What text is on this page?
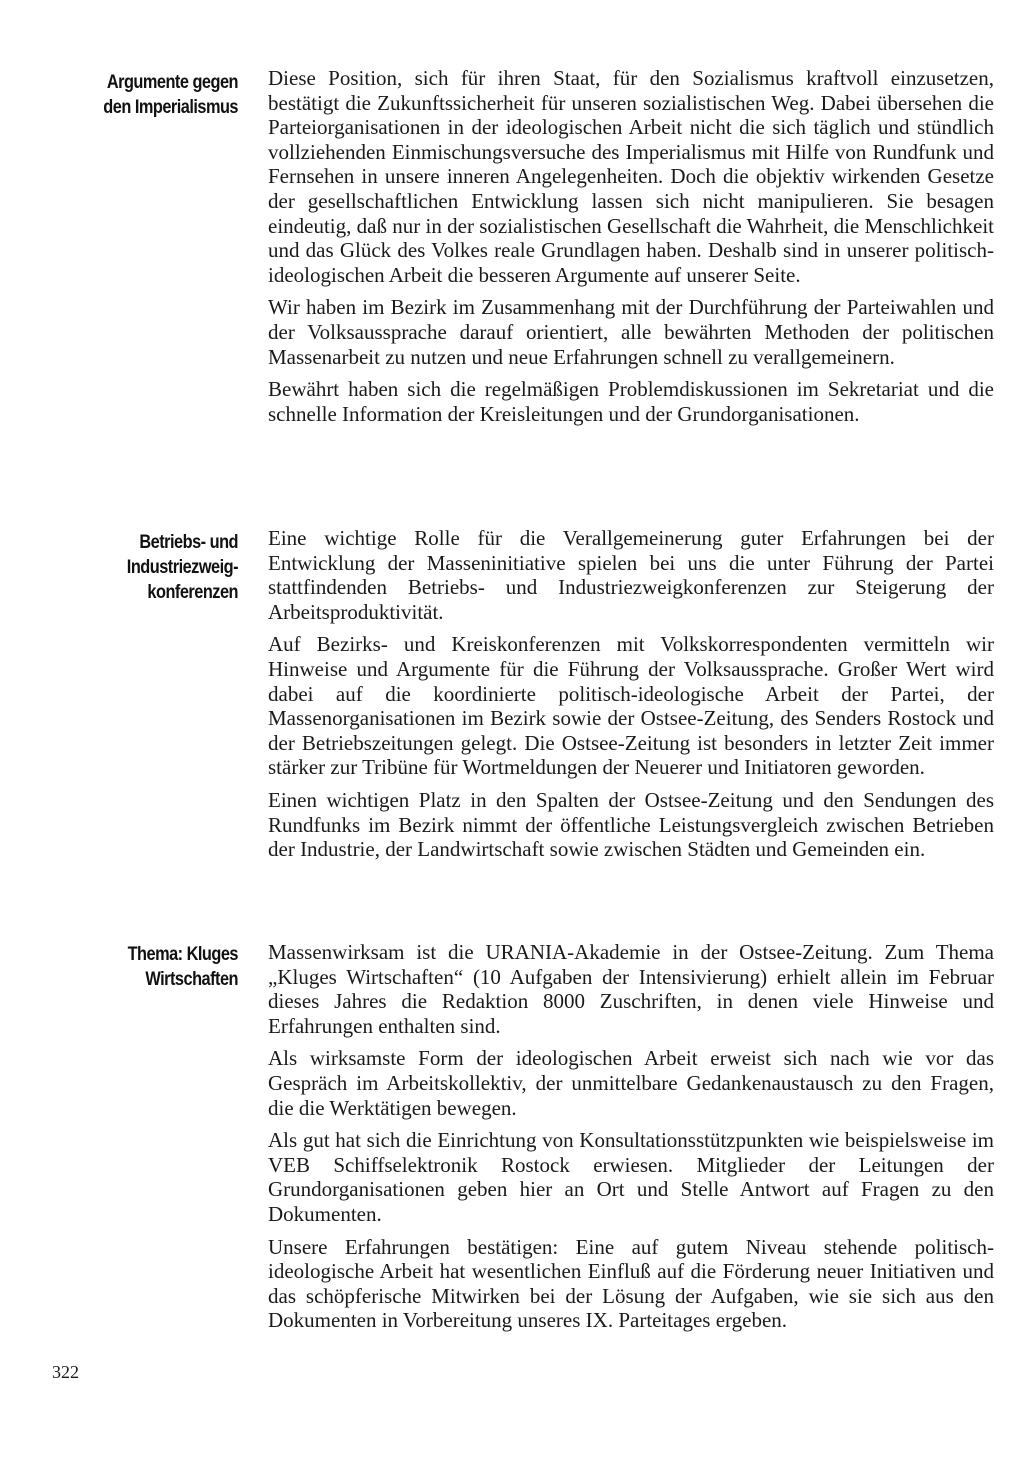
Argumente gegen
den Imperialismus
Betriebs- und
Industriezweig-
konferenzen
Thema: Kluges
Wirtschaften

Diese Position, sich für ihren Staat, für den Sozialismus kraftvoll einzusetzen, bestätigt die Zukunftssicherheit für unseren sozialistischen Weg. Dabei übersehen die Parteiorganisationen in der ideologischen Arbeit nicht die sich täglich und stündlich vollziehenden Einmischungsversuche des Imperialismus mit Hilfe von Rundfunk und Fernsehen in unsere inneren Angelegenheiten. Doch die objektiv wirkenden Gesetze der gesellschaftlichen Entwicklung lassen sich nicht manipulieren. Sie besagen eindeutig, daß nur in der sozialistischen Gesellschaft die Wahrheit, die Menschlichkeit und das Glück des Volkes reale Grundlagen haben. Deshalb sind in unserer politisch-ideologischen Arbeit die besseren Argumente auf unserer Seite.

Wir haben im Bezirk im Zusammenhang mit der Durchführung der Parteiwahlen und der Volksaussprache darauf orientiert, alle bewährten Methoden der politischen Massenarbeit zu nutzen und neue Erfahrungen schnell zu verallgemeinern.

Bewährt haben sich die regelmäßigen Problemdiskussionen im Sekretariat und die schnelle Information der Kreisleitungen und der Grundorganisationen.

Eine wichtige Rolle für die Verallgemeinerung guter Erfahrungen bei der Entwicklung der Masseninitiative spielen bei uns die unter Führung der Partei stattfindenden Betriebs- und Industriezweigkonferenzen zur Steigerung der Arbeitsproduktivität.

Auf Bezirks- und Kreiskonferenzen mit Volkskorrespondenten vermitteln wir Hinweise und Argumente für die Führung der Volksaussprache. Großer Wert wird dabei auf die koordinierte politisch-ideologische Arbeit der Partei, der Massenorganisationen im Bezirk sowie der Ostsee-Zeitung, des Senders Rostock und der Betriebszeitungen gelegt. Die Ostsee-Zeitung ist besonders in letzter Zeit immer stärker zur Tribüne für Wortmeldungen der Neuerer und Initiatoren geworden.

Einen wichtigen Platz in den Spalten der Ostsee-Zeitung und den Sendungen des Rundfunks im Bezirk nimmt der öffentliche Leistungsvergleich zwischen Betrieben der Industrie, der Landwirtschaft sowie zwischen Städten und Gemeinden ein.

Massenwirksam ist die URANIA-Akademie in der Ostsee-Zeitung. Zum Thema „Kluges Wirtschaften“ (10 Aufgaben der Intensivierung) erhielt allein im Februar dieses Jahres die Redaktion 8000 Zuschriften, in denen viele Hinweise und Erfahrungen enthalten sind.

Als wirksamste Form der ideologischen Arbeit erweist sich nach wie vor das Gespräch im Arbeitskollektiv, der unmittelbare Gedankenaustausch zu den Fragen, die die Werktätigen bewegen.

Als gut hat sich die Einrichtung von Konsultationsstützpunkten wie beispielsweise im VEB Schiffselektronik Rostock erwiesen. Mitglieder der Leitungen der Grundorganisationen geben hier an Ort und Stelle Antwort auf Fragen zu den Dokumenten.

Unsere Erfahrungen bestätigen: Eine auf gutem Niveau stehende politisch-ideologische Arbeit hat wesentlichen Einfluß auf die Förderung neuer Initiativen und das schöpferische Mitwirken bei der Lösung der Aufgaben, wie sie sich aus den Dokumenten in Vorbereitung unseres IX. Parteitages ergeben.

322
